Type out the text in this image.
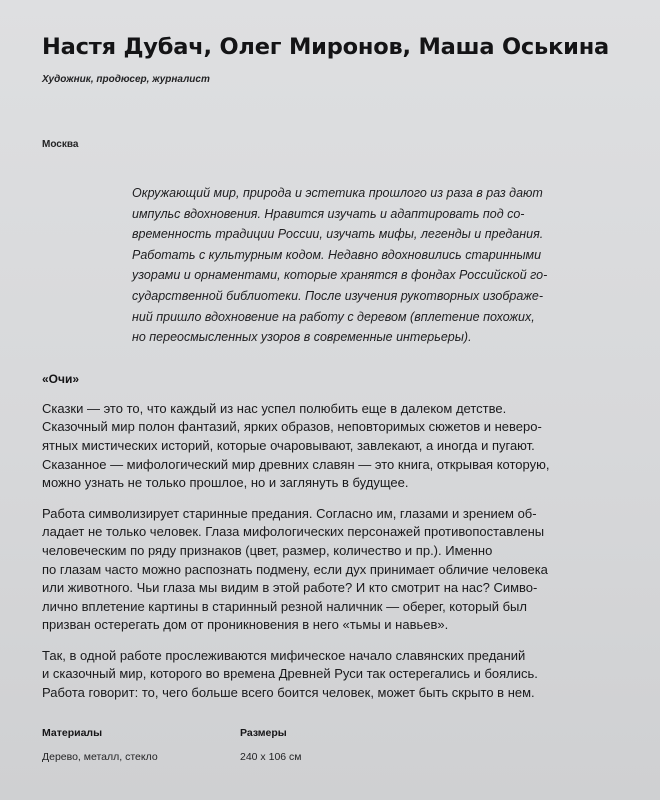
Настя Дубач, Олег Миронов, Маша Оськина
Художник, продюсер, журналист
Москва
Окружающий мир, природа и эстетика прошлого из раза в раз дают
импульс вдохновения. Нравится изучать и адаптировать под со-
временность традиции России, изучать мифы, легенды и предания.
Работать с культурным кодом. Недавно вдохновились старинными
узорами и орнаментами, которые хранятся в фондах Российской го-
сударственной библиотеки. После изучения рукотворных изображе-
ний пришло вдохновение на работу с деревом (вплетение похожих,
но переосмысленных узоров в современные интерьеры).
«Очи»

Сказки — это то, что каждый из нас успел полюбить еще в далеком детстве.
Сказочный мир полон фантазий, ярких образов, неповторимых сюжетов и неверо-
ятных мистических историй, которые очаровывают, завлекают, а иногда и пугают.
Сказанное — мифологический мир древних славян — это книга, открывая которую,
можно узнать не только прошлое, но и заглянуть в будущее.

Работа символизирует старинные предания. Согласно им, глазами и зрением об-
ладает не только человек. Глаза мифологических персонажей противопоставлены
человеческим по ряду признаков (цвет, размер, количество и пр.). Именно
по глазам часто можно распознать подмену, если дух принимает обличие человека
или животного. Чьи глаза мы видим в этой работе? И кто смотрит на нас? Симво-
лично вплетение картины в старинный резной наличник — оберег, который был
призван остерегать дом от проникновения в него «тьмы и навьев».

Так, в одной работе прослеживаются мифическое начало славянских преданий
и сказочный мир, которого во времена Древней Руси так остерегались и боялись.
Работа говорит: то, чего больше всего боится человек, может быть скрыто в нем.

Материалы
Дерево, металл, стекло
Размеры
240 х 106 см
